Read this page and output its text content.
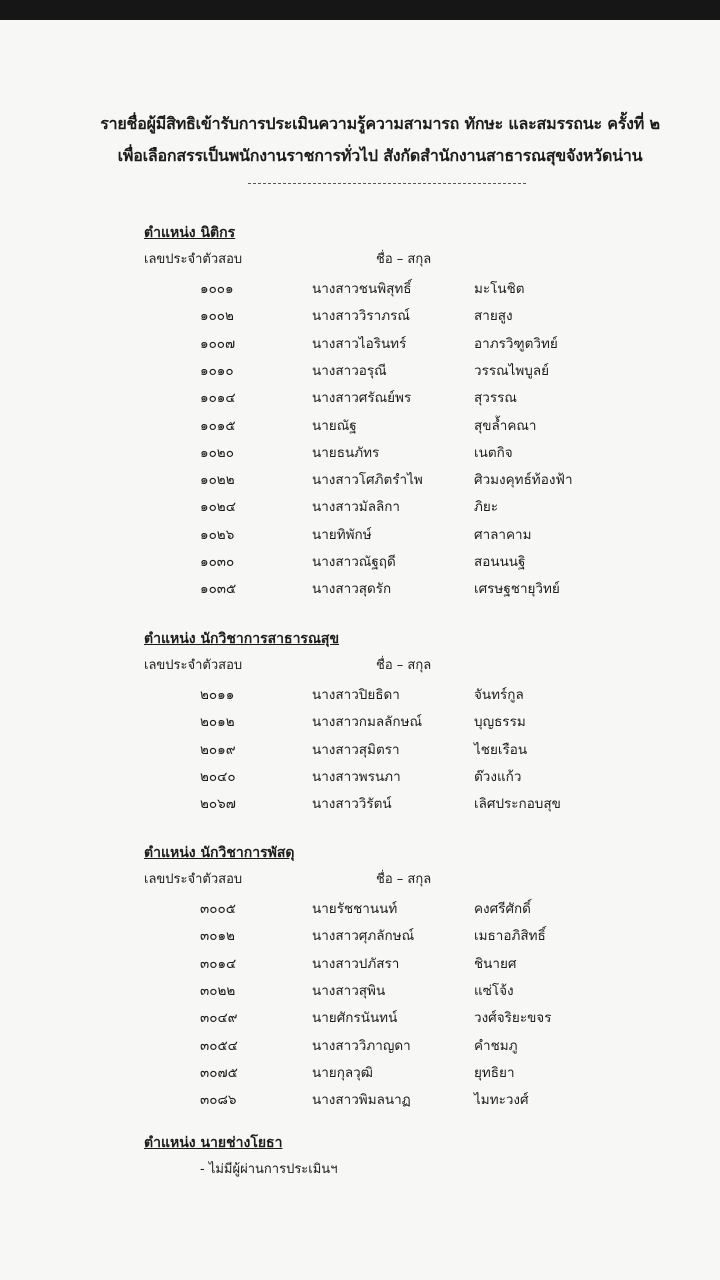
รายชื่อผู้มีสิทธิเข้ารับการประเมินความรู้ความสามารถ ทักษะ และสมรรถนะ ครั้งที่ ๒
เพื่อเลือกสรรเป็นพนักงานราชการทั่วไป สังกัดสำนักงานสาธารณสุขจังหวัดน่าน
ตำแหน่ง นิติกร
เลขประจำตัวสอบ	ชื่อ – สกุล
๑๐๐๑	นางสาวชนพิสุทธิ์	มะโนชิต
๑๐๐๒	นางสาววิราภรณ์	สายสูง
๑๐๐๗	นางสาวไอรินทร์	อาภรวิฑูตวิทย์
๑๐๑๐	นางสาวอรุณี	วรรณไพบูลย์
๑๐๑๔	นางสาวศรัณย์พร	สุวรรณ
๑๐๑๕	นายณัฐ	สุขล้ำคณา
๑๐๒๐	นายธนภัทร	เนตกิจ
๑๐๒๒	นางสาวโศภิตรำไพ	ศิวมงคุทธ์ท้องฟ้า
๑๐๒๔	นางสาวมัลลิกา	ภิยะ
๑๐๒๖	นายทิพักษ์	ศาลาคาม
๑๐๓๐	นางสาวณัฐฤดี	สอนนนฐิ
๑๐๓๕	นางสาวสุดรัก	เศรษฐชายุวิทย์
ตำแหน่ง นักวิชาการสาธารณสุข
เลขประจำตัวสอบ	ชื่อ – สกุล
๒๐๑๑	นางสาวปิยธิดา	จันทร์กูล
๒๐๑๒	นางสาวกมลลักษณ์	บุญธรรม
๒๐๑๙	นางสาวสุมิตรา	ไชยเรือน
๒๐๔๐	นางสาวพรนภา	ต๊วงแก้ว
๒๐๖๗	นางสาววิรัตน์	เลิศประกอบสุข
ตำแหน่ง นักวิชาการพัสดุ
เลขประจำตัวสอบ	ชื่อ – สกุล
๓๐๐๕	นายรัชชานนท์	คงศรีศักดิ์
๓๐๑๒	นางสาวศุภลักษณ์	เมธาอภิสิทธิ์
๓๐๑๔	นางสาวปภัสรา	ชินายศ
๓๐๒๒	นางสาวสุพิน	แซ่โจ้ง
๓๐๔๙	นายศักรนันทน์	วงศ์จริยะขจร
๓๐๕๔	นางสาววิภาญดา	คำชมภู
๓๐๗๕	นายกุลวุฒิ	ยุทธิยา
๓๐๘๖	นางสาวพิมลนาฏ	ไมทะวงศ์
ตำแหน่ง นายช่างโยธา
- ไม่มีผู้ผ่านการประเมินฯ
